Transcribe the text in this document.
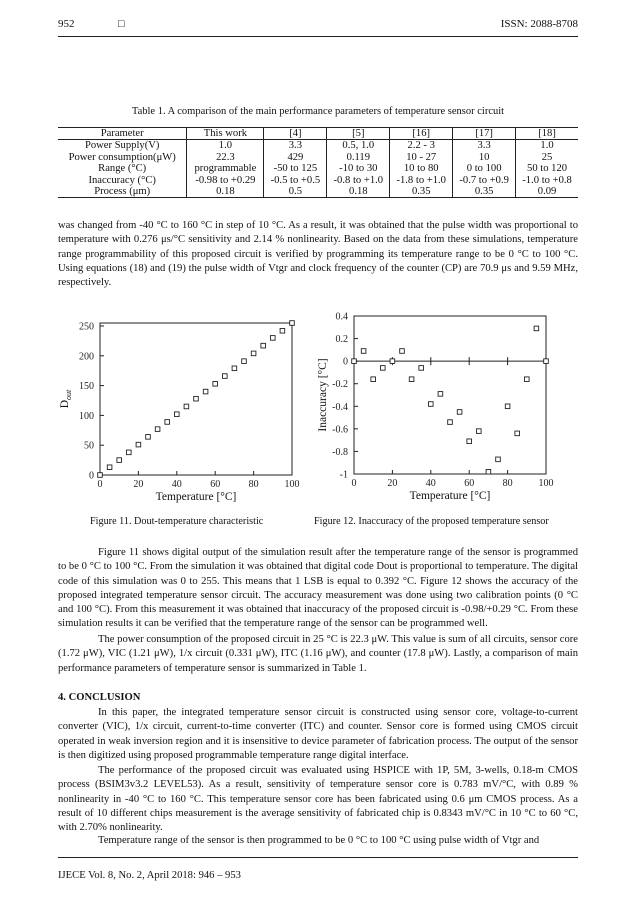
952	□	ISSN: 2088-8708
Table 1. A comparison of the main performance parameters of temperature sensor circuit
Parameter	This work	[4]	[5]	[16]	[17]	[18]
Power Supply(V)	1.0	3.3	0.5, 1.0	2.2 - 3	3.3	1.0
Power consumption(μW)	22.3	429	0.119	10 - 27	10	25
Range (°C)	programmable	-50 to 125	-10 to 30	10 to 80	0 to 100	50 to 120
Inaccuracy (°C)	-0.98 to +0.29	-0.5 to +0.5	-0.8 to +1.0	-1.8 to +1.0	-0.7 to +0.9	-1.0 to +0.8
Process (μm)	0.18	0.5	0.18	0.35	0.35	0.09

was changed from -40 °C to 160 °C in step of 10 °C. As a result, it was obtained that the pulse width was proportional to temperature with 0.276 μs/°C sensitivity and 2.14 % nonlinearity. Based on the data from these simulations, temperature range programmability of this proposed circuit is verified by programming its temperature range to be 0 °C to 100 °C. Using equations (18) and (19) the pulse width of Vtgr and clock frequency of the counter (CP) are 70.9 μs and 9.59 MHz, respectively.

0	20	40	60	80	100
0
50
100
150
200
250
Temperature [°C]
$D_{out}$
0	20	40	60	80	100
0.4
0.2
0
-0.2
-0.4
-0.6
-0.8
-1
Temperature [°C]
Inaccuracy [°C]
Figure 11. Dout-temperature characteristic	Figure 12. Inaccuracy of the proposed temperature sensor

Figure 11 shows digital output of the simulation result after the temperature range of the sensor is programmed to be 0 °C to 100 °C. From the simulation it was obtained that digital code Dout is proportional to temperature. The digital code of this simulation was 0 to 255. This means that 1 LSB is equal to 0.392 °C. Figure 12 shows the accuracy of the proposed integrated temperature sensor circuit. The accuracy measurement was done using two calibration points (0 °C and 100 °C). From this measurement it was obtained that inaccuracy of the proposed circuit is -0.98/+0.29 °C. From these simulation results it can be verified that the temperature range of the sensor can be programmed well.

The power consumption of the proposed circuit in 25 °C is 22.3 μW. This value is sum of all circuits, sensor core (1.72 μW), VIC (1.21 μW), 1/x circuit (0.331 μW), ITC (1.16 μW), and counter (17.8 μW). Lastly, a comparison of main performance parameters of temperature sensor is summarized in Table 1.

4. CONCLUSION

In this paper, the integrated temperature sensor circuit is constructed using sensor core, voltage-to-current converter (VIC), 1/x circuit, current-to-time converter (ITC) and counter. Sensor core is formed using CMOS circuit operated in weak inversion region and it is insensitive to device parameter of fabrication process. The output of the sensor is then digitized using proposed programmable temperature range digital interface.

The performance of the proposed circuit was evaluated using HSPICE with 1P, 5M, 3-wells, 0.18-m CMOS process (BSIM3v3.2 LEVEL53). As a result, sensitivity of temperature sensor core is 0.783 mV/°C, with 0.89 % nonlinearity in -40 °C to 160 °C. This temperature sensor core has been fabricated using 0.6 μm CMOS process. As a result of 10 different chips measurement is the average sensitivity of fabricated chip is 0.8343 mV/°C in 10 °C to 60 °C, with 2.70% nonlinearity.

Temperature range of the sensor is then programmed to be 0 °C to 100 °C using pulse width of Vtgr and

IJECE Vol. 8, No. 2, April 2018: 946 – 953
